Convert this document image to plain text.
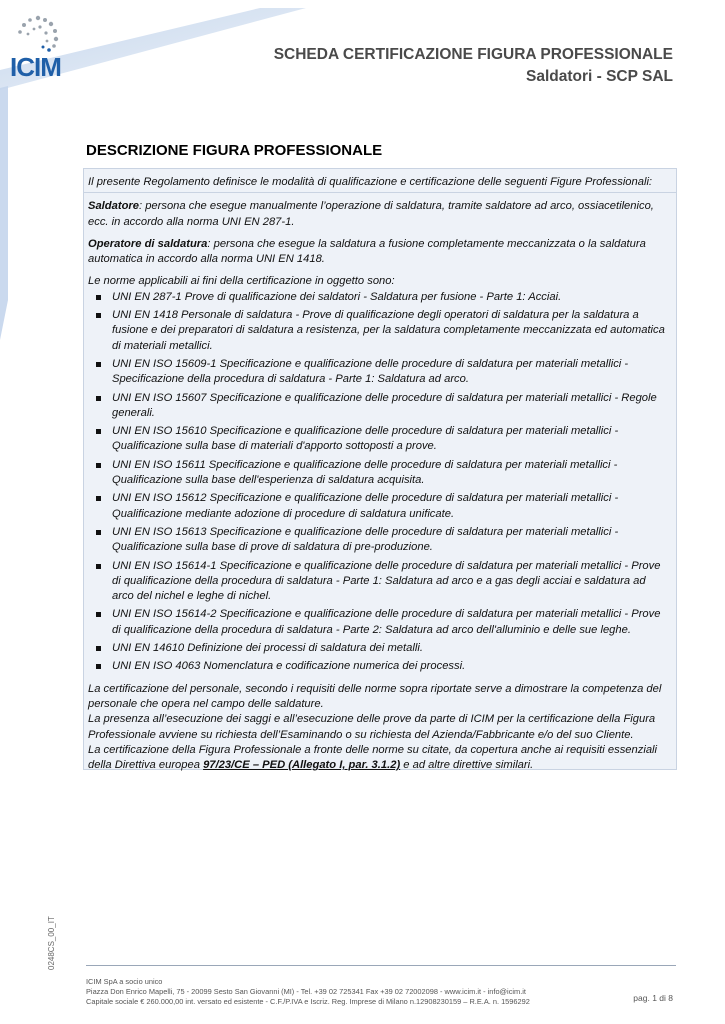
ICIM	SCHEDA CERTIFICAZIONE FIGURA PROFESSIONALE
Saldatori - SCP SAL
DESCRIZIONE FIGURA PROFESSIONALE
Il presente Regolamento definisce le modalità di qualificazione e certificazione delle seguenti Figure Professionali:

Saldatore: persona che esegue manualmente l’operazione di saldatura, tramite saldatore ad arco, ossiacetilenico, ecc. in accordo alla norma UNI EN 287-1.

Operatore di saldatura: persona che esegue la saldatura a fusione completamente meccanizzata o la saldatura automatica in accordo alla norma UNI EN 1418.

Le norme applicabili ai fini della certificazione in oggetto sono:
UNI EN 287-1 Prove di qualificazione dei saldatori - Saldatura per fusione - Parte 1: Acciai.
UNI EN 1418 Personale di saldatura - Prove di qualificazione degli operatori di saldatura per la saldatura a fusione e dei preparatori di saldatura a resistenza, per la saldatura completamente meccanizzata ed automatica di materiali metallici.
UNI EN ISO 15609-1 Specificazione e qualificazione delle procedure di saldatura per materiali metallici - Specificazione della procedura di saldatura - Parte 1: Saldatura ad arco.
UNI EN ISO 15607 Specificazione e qualificazione delle procedure di saldatura per materiali metallici - Regole generali.
UNI EN ISO 15610 Specificazione e qualificazione delle procedure di saldatura per materiali metallici - Qualificazione sulla base di materiali d'apporto sottoposti a prove.
UNI EN ISO 15611 Specificazione e qualificazione delle procedure di saldatura per materiali metallici - Qualificazione sulla base dell'esperienza di saldatura acquisita.
UNI EN ISO 15612 Specificazione e qualificazione delle procedure di saldatura per materiali metallici - Qualificazione mediante adozione di procedure di saldatura unificate.
UNI EN ISO 15613 Specificazione e qualificazione delle procedure di saldatura per materiali metallici - Qualificazione sulla base di prove di saldatura di pre-produzione.
UNI EN ISO 15614-1 Specificazione e qualificazione delle procedure di saldatura per materiali metallici - Prove di qualificazione della procedura di saldatura - Parte 1: Saldatura ad arco e a gas degli acciai e saldatura ad arco del nichel e leghe di nichel.
UNI EN ISO 15614-2 Specificazione e qualificazione delle procedure di saldatura per materiali metallici - Prove di qualificazione della procedura di saldatura - Parte 2: Saldatura ad arco dell'alluminio e delle sue leghe.
UNI EN 14610 Definizione dei processi di saldatura dei metalli.
UNI EN ISO 4063 Nomenclatura e codificazione numerica dei processi.

La certificazione del personale, secondo i requisiti delle norme sopra riportate serve a dimostrare la competenza del personale che opera nel campo delle saldature.

La presenza all’esecuzione dei saggi e all’esecuzione delle prove da parte di ICIM per la certificazione della Figura Professionale avviene su richiesta dell’Esaminando o su richiesta del Azienda/Fabbricante e/o del suo Cliente.

La certificazione della Figura Professionale a fronte delle norme su citate, da copertura anche ai requisiti essenziali della Direttiva europea 97/23/CE – PED (Allegato I, par. 3.1.2) e ad altre direttive similari.

0248CS_00_IT
ICIM SpA a socio unico
Piazza Don Enrico Mapelli, 75 - 20099 Sesto San Giovanni (MI) - Tel. +39 02 725341 Fax +39 02 72002098 - www.icim.it - info@icim.it
Capitale sociale € 260.000,00 int. versato ed esistente - C.F./P.IVA e Iscriz. Reg. Imprese di Milano n.12908230159 – R.E.A. n. 1596292	pag. 1 di 8
